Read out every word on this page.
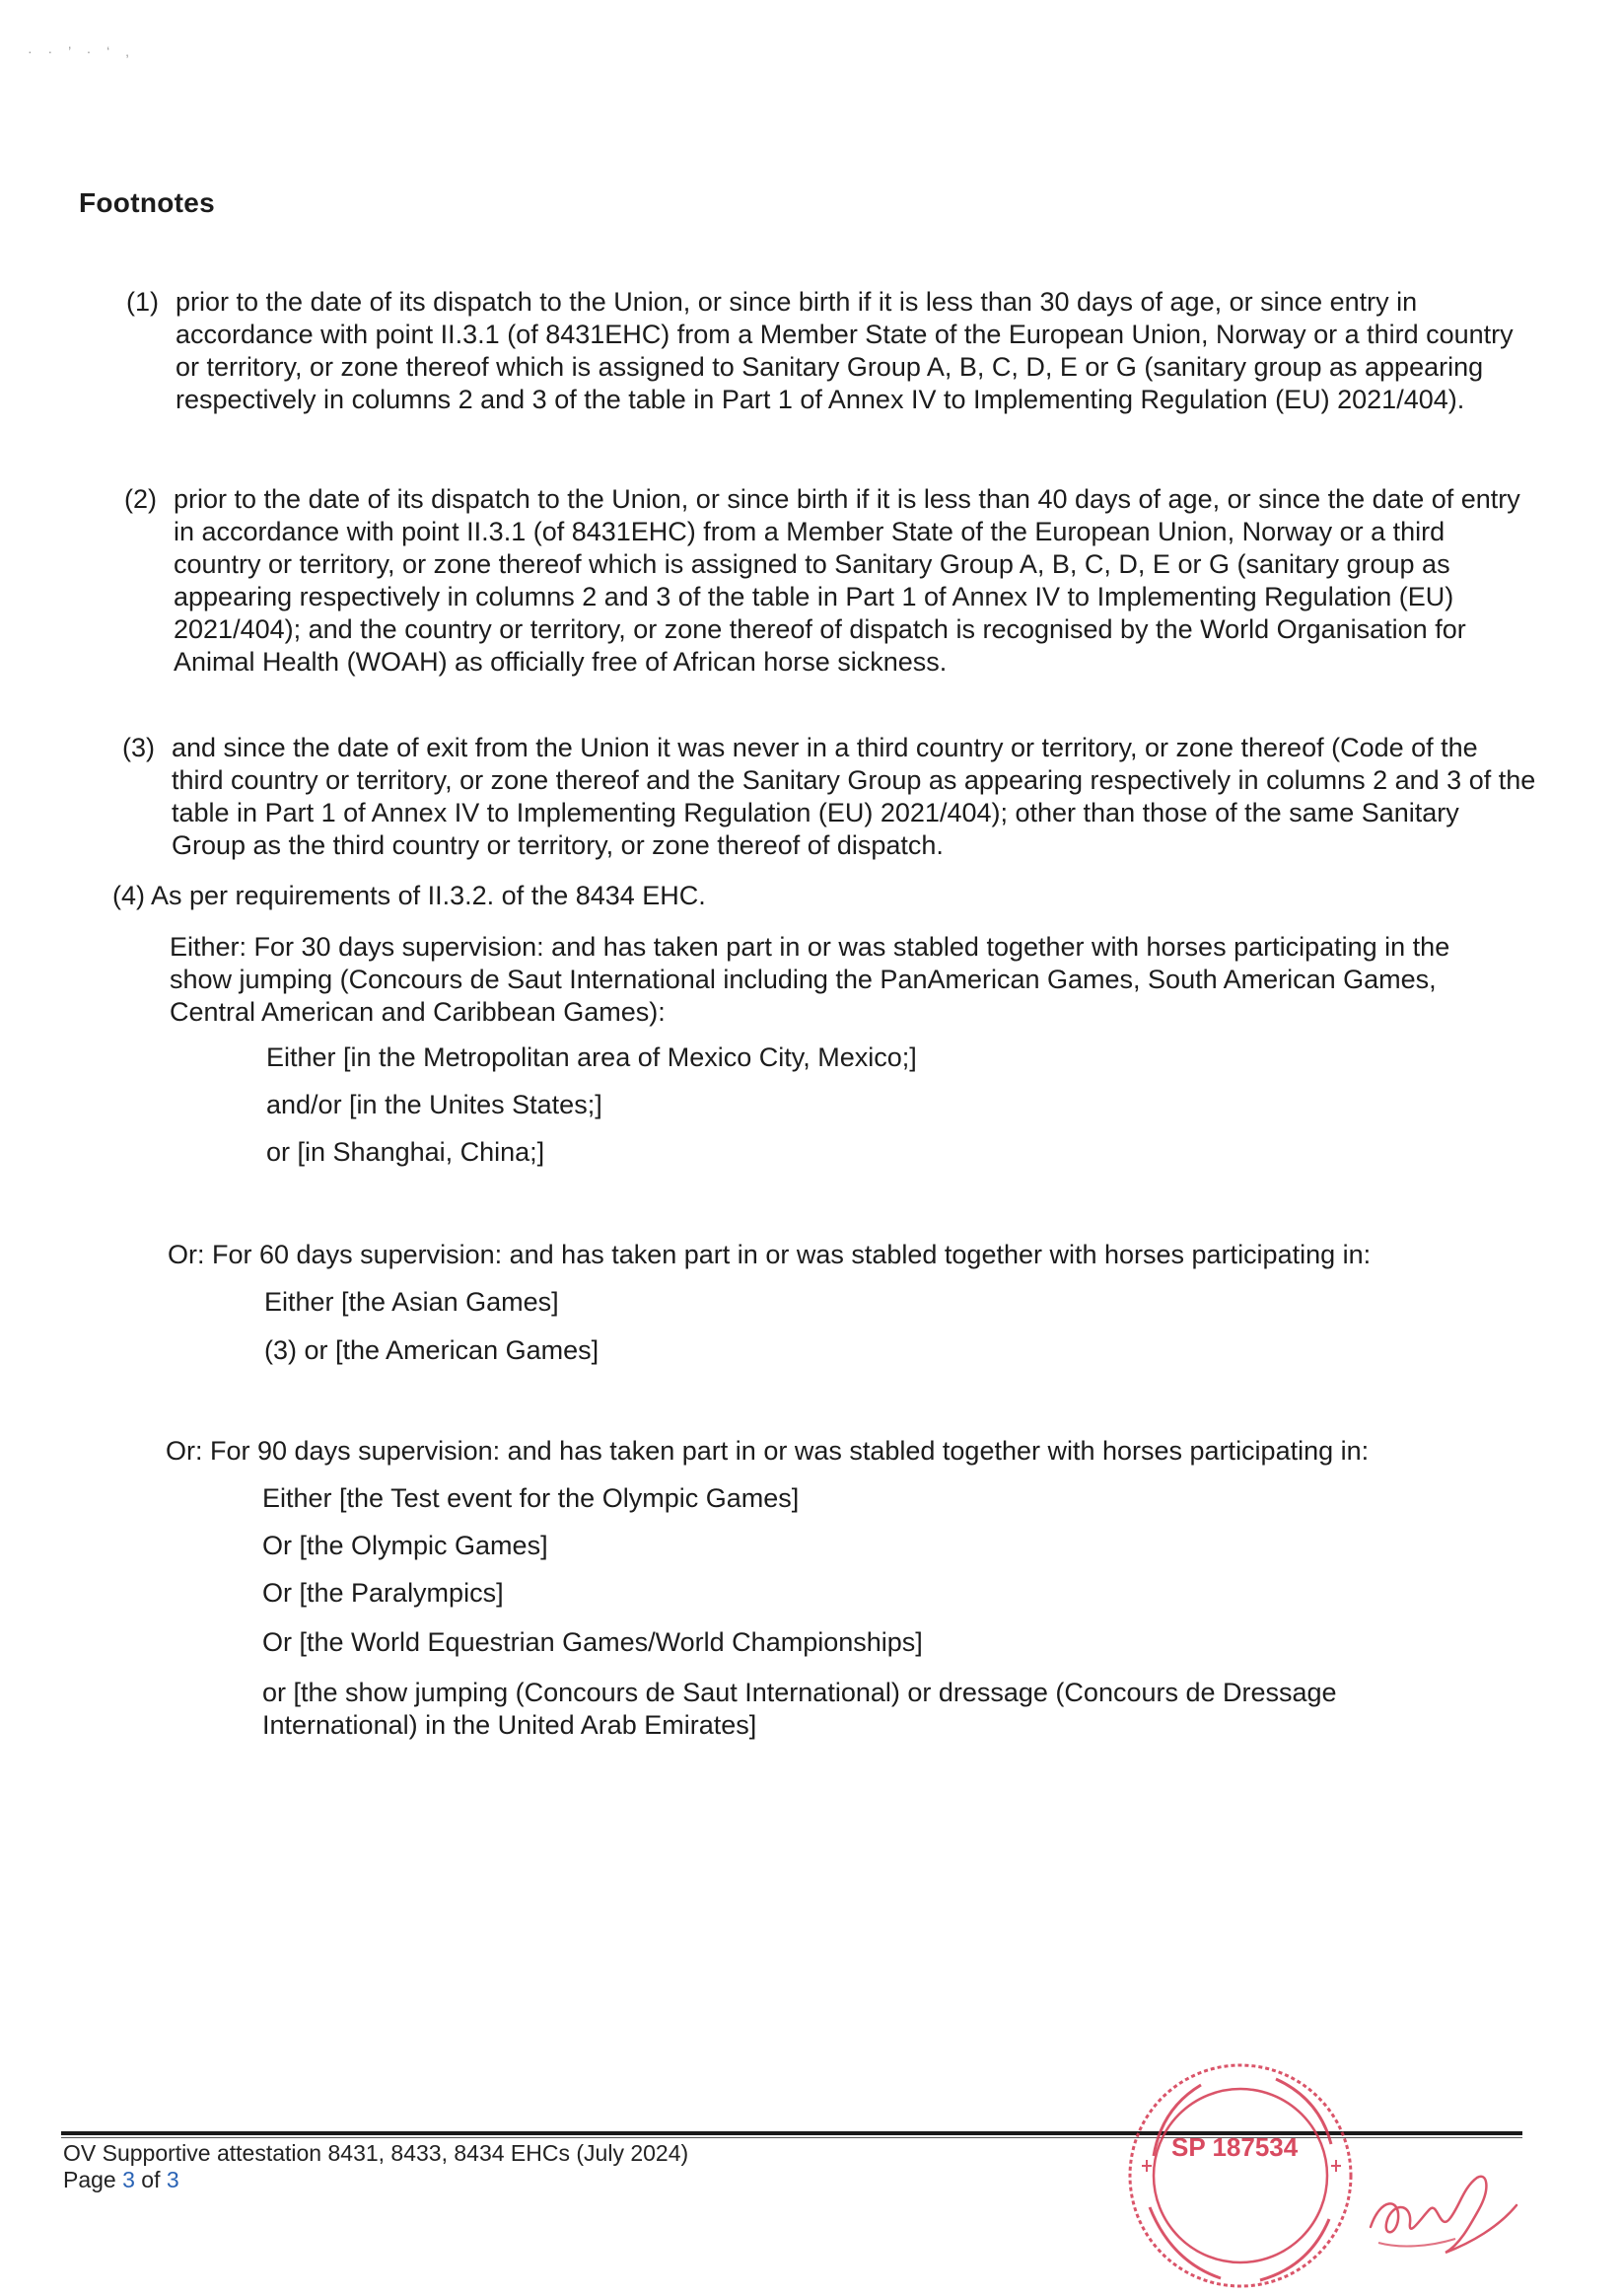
· · ’ · ‘ ,
Footnotes
(1) prior to the date of its dispatch to the Union, or since birth if it is less than 30 days of age, or since entry in accordance with point II.3.1 (of 8431EHC) from a Member State of the European Union, Norway or a third country or territory, or zone thereof which is assigned to Sanitary Group A, B, C, D, E or G (sanitary group as appearing respectively in columns 2 and 3 of the table in Part 1 of Annex IV to Implementing Regulation (EU) 2021/404).
(2) prior to the date of its dispatch to the Union, or since birth if it is less than 40 days of age, or since the date of entry in accordance with point II.3.1 (of 8431EHC) from a Member State of the European Union, Norway or a third country or territory, or zone thereof which is assigned to Sanitary Group A, B, C, D, E or G (sanitary group as appearing respectively in columns 2 and 3 of the table in Part 1 of Annex IV to Implementing Regulation (EU) 2021/404); and the country or territory, or zone thereof of dispatch is recognised by the World Organisation for Animal Health (WOAH) as officially free of African horse sickness.
(3) and since the date of exit from the Union it was never in a third country or territory, or zone thereof (Code of the third country or territory, or zone thereof and the Sanitary Group as appearing respectively in columns 2 and 3 of the table in Part 1 of Annex IV to Implementing Regulation (EU) 2021/404); other than those of the same Sanitary Group as the third country or territory, or zone thereof of dispatch.
(4) As per requirements of II.3.2. of the 8434 EHC.
Either: For 30 days supervision: and has taken part in or was stabled together with horses participating in the show jumping (Concours de Saut International including the PanAmerican Games, South American Games, Central American and Caribbean Games):
Either [in the Metropolitan area of Mexico City, Mexico;]
and/or [in the Unites States;]
or [in Shanghai, China;]
Or: For 60 days supervision: and has taken part in or was stabled together with horses participating in:
Either [the Asian Games]
(3) or [the American Games]
Or: For 90 days supervision: and has taken part in or was stabled together with horses participating in:
Either [the Test event for the Olympic Games]
Or [the Olympic Games]
Or [the Paralympics]
Or [the World Equestrian Games/World Championships]
or [the show jumping (Concours de Saut International) or dressage (Concours de Dressage International) in the United Arab Emirates]
OV Supportive attestation 8431, 8433, 8434 EHCs (July 2024)
Page 3 of 3
SP 187534
